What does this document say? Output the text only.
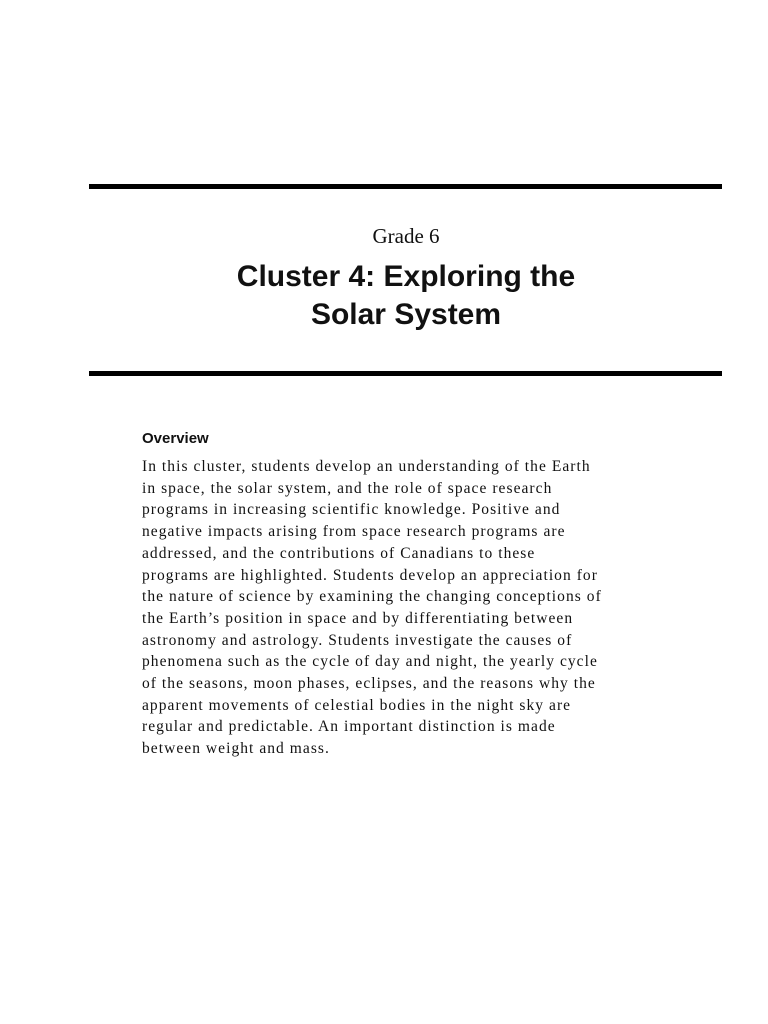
Grade 6
Cluster 4: Exploring the
Solar System
Overview
In this cluster, students develop an understanding of the Earth
in space, the solar system, and the role of space research
programs in increasing scientific knowledge. Positive and
negative impacts arising from space research programs are
addressed, and the contributions of Canadians to these
programs are highlighted. Students develop an appreciation for
the nature of science by examining the changing conceptions of
the Earth’s position in space and by differentiating between
astronomy and astrology. Students investigate the causes of
phenomena such as the cycle of day and night, the yearly cycle
of the seasons, moon phases, eclipses, and the reasons why the
apparent movements of celestial bodies in the night sky are
regular and predictable. An important distinction is made
between weight and mass.
